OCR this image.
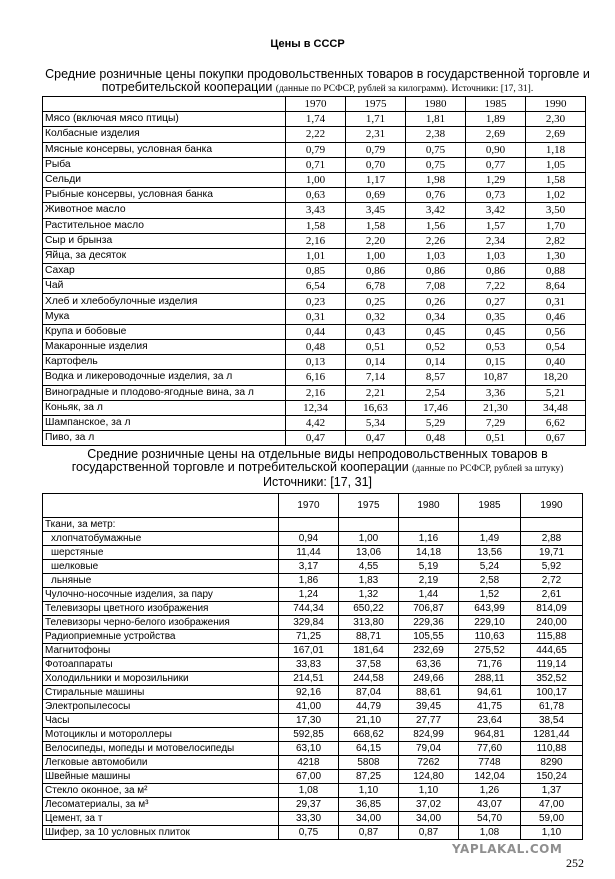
Цены в СССР
Средние розничные цены покупки продовольственных товаров в государственной торговле и потребительской кооперации (данные по РСФСР, рублей за килограмм). Источники: [17, 31].
	1970	1975	1980	1985	1990
Мясо (включая мясо птицы)	1,74	1,71	1,81	1,89	2,30
Колбасные изделия	2,22	2,31	2,38	2,69	2,69
Мясные консервы, условная банка	0,79	0,79	0,75	0,90	1,18
Рыба	0,71	0,70	0,75	0,77	1,05
Сельди	1,00	1,17	1,98	1,29	1,58
Рыбные консервы, условная банка	0,63	0,69	0,76	0,73	1,02
Животное масло	3,43	3,45	3,42	3,42	3,50
Растительное масло	1,58	1,58	1,56	1,57	1,70
Сыр и брынза	2,16	2,20	2,26	2,34	2,82
Яйца, за десяток	1,01	1,00	1,03	1,03	1,30
Сахар	0,85	0,86	0,86	0,86	0,88
Чай	6,54	6,78	7,08	7,22	8,64
Хлеб и хлебобулочные изделия	0,23	0,25	0,26	0,27	0,31
Мука	0,31	0,32	0,34	0,35	0,46
Крупа и бобовые	0,44	0,43	0,45	0,45	0,56
Макаронные изделия	0,48	0,51	0,52	0,53	0,54
Картофель	0,13	0,14	0,14	0,15	0,40
Водка и ликероводочные изделия, за л	6,16	7,14	8,57	10,87	18,20
Виноградные и плодово-ягодные вина, за л	2,16	2,21	2,54	3,36	5,21
Коньяк, за л	12,34	16,63	17,46	21,30	34,48
Шампанское, за л	4,42	5,34	5,29	7,29	6,62
Пиво, за л	0,47	0,47	0,48	0,51	0,67
Средние розничные цены на отдельные виды непродовольственных товаров в государственной торговле и потребительской кооперации (данные по РСФСР, рублей за штуку)
Источники: [17, 31]
	1970	1975	1980	1985	1990
Ткани, за метр:					
хлопчатобумажные	0,94	1,00	1,16	1,49	2,88
шерстяные	11,44	13,06	14,18	13,56	19,71
шелковые	3,17	4,55	5,19	5,24	5,92
льняные	1,86	1,83	2,19	2,58	2,72
Чулочно-носочные изделия, за пару	1,24	1,32	1,44	1,52	2,61
Телевизоры цветного изображения	744,34	650,22	706,87	643,99	814,09
Телевизоры черно-белого изображения	329,84	313,80	229,36	229,10	240,00
Радиоприемные устройства	71,25	88,71	105,55	110,63	115,88
Магнитофоны	167,01	181,64	232,69	275,52	444,65
Фотоаппараты	33,83	37,58	63,36	71,76	119,14
Холодильники и морозильники	214,51	244,58	249,66	288,11	352,52
Стиральные машины	92,16	87,04	88,61	94,61	100,17
Электропылесосы	41,00	44,79	39,45	41,75	61,78
Часы	17,30	21,10	27,77	23,64	38,54
Мотоциклы и мотороллеры	592,85	668,62	824,99	964,81	1281,44
Велосипеды, мопеды и мотовелосипеды	63,10	64,15	79,04	77,60	110,88
Легковые автомобили	4218	5808	7262	7748	8290
Швейные машины	67,00	87,25	124,80	142,04	150,24
Стекло оконное, за м²	1,08	1,10	1,10	1,26	1,37
Лесоматериалы, за м³	29,37	36,85	37,02	43,07	47,00
Цемент, за т	33,30	34,00	34,00	54,70	59,00
Шифер, за 10 условных плиток	0,75	0,87	0,87	1,08	1,10
YAPLAKAL.COM
252
